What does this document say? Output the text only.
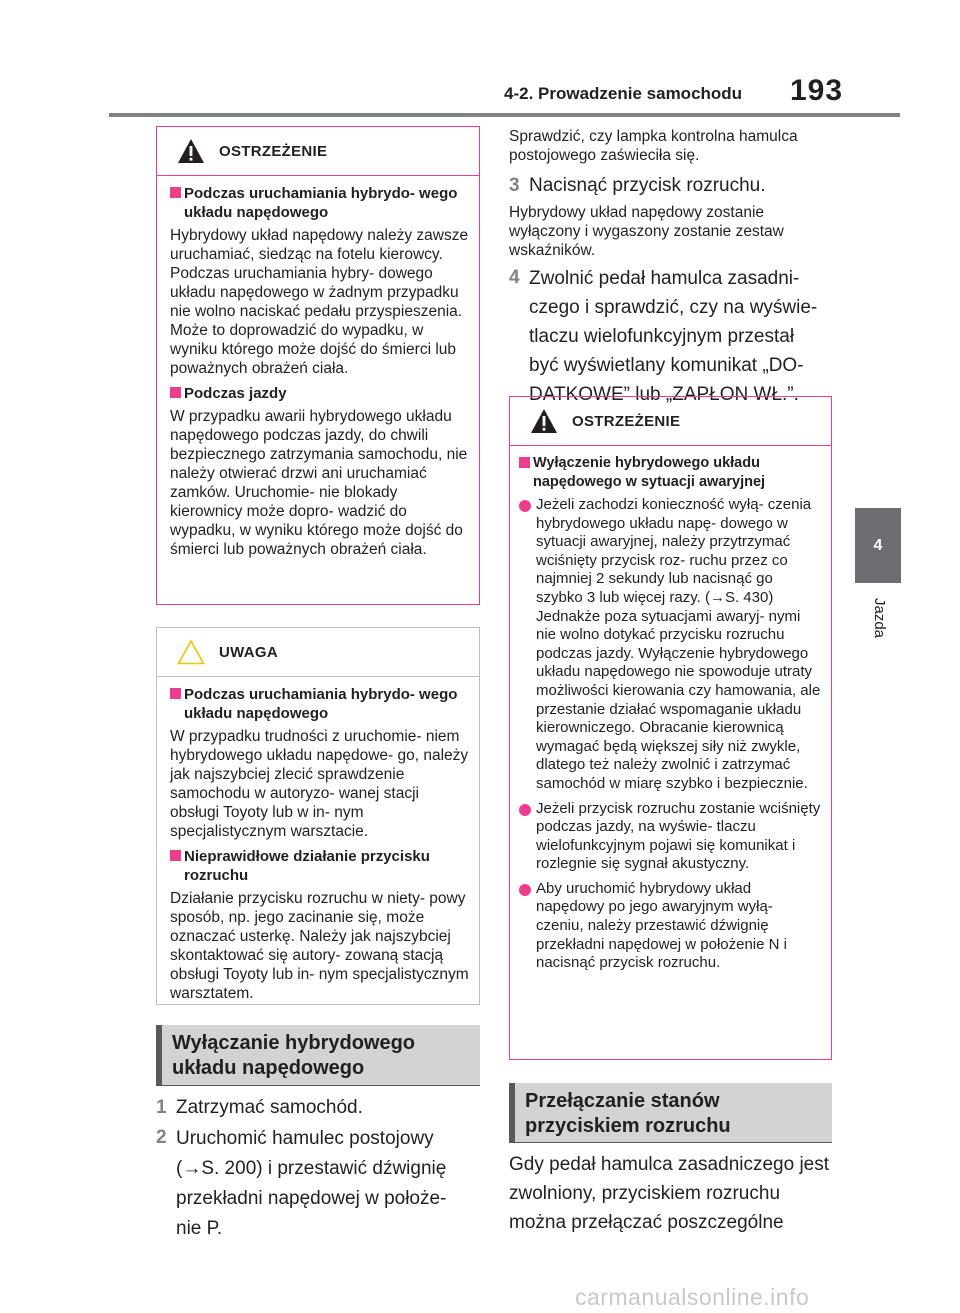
4-2. Prowadzenie samochodu 193
4
Jazda
OSTRZEŻENIE
Podczas uruchamiania hybrydo- wego układu napędowego
Hybrydowy układ napędowy należy zawsze uruchamiać, siedząc na fotelu kierowcy. Podczas uruchamiania hybry- dowego układu napędowego w żadnym przypadku nie wolno naciskać pedału przyspieszenia.
Może to doprowadzić do wypadku, w wyniku którego może dojść do śmierci lub poważnych obrażeń ciała.
Podczas jazdy
W przypadku awarii hybrydowego układu napędowego podczas jazdy, do chwili bezpiecznego zatrzymania samochodu, nie należy otwierać drzwi ani uruchamiać zamków. Uruchomie- nie blokady kierownicy może dopro- wadzić do wypadku, w wyniku którego może dojść do śmierci lub poważnych obrażeń ciała.
UWAGA
Podczas uruchamiania hybrydo- wego układu napędowego
W przypadku trudności z uruchomie- niem hybrydowego układu napędowe- go, należy jak najszybciej zlecić sprawdzenie samochodu w autoryzo- wanej stacji obsługi Toyoty lub w in- nym specjalistycznym warsztacie.
Nieprawidłowe działanie przycisku rozruchu
Działanie przycisku rozruchu w niety- powy sposób, np. jego zacinanie się, może oznaczać usterkę. Należy jak najszybciej skontaktować się autory- zowaną stacją obsługi Toyoty lub in- nym specjalistycznym warsztatem.
Wyłączanie hybrydowego układu napędowego
1 Zatrzymać samochód.
2 Uruchomić hamulec postojowy (→S. 200) i przestawić dźwignię przekładni napędowej w położe- nie P.
Sprawdzić, czy lampka kontrolna hamulca postojowego zaświeciła się.
3 Nacisnąć przycisk rozruchu.
Hybrydowy układ napędowy zostanie wyłączony i wygaszony zostanie zestaw wskaźników.
4 Zwolnić pedał hamulca zasadni- czego i sprawdzić, czy na wyświe- tlaczu wielofunkcyjnym przestał być wyświetlany komunikat „DO- DATKOWE” lub „ZAPŁON WŁ.”.
OSTRZEŻENIE
Wyłączenie hybrydowego układu napędowego w sytuacji awaryjnej
Jeżeli zachodzi konieczność wyłą- czenia hybrydowego układu napę- dowego w sytuacji awaryjnej, należy przytrzymać wciśnięty przycisk roz- ruchu przez co najmniej 2 sekundy lub nacisnąć go szybko 3 lub więcej razy. (→S. 430)
Jednakże poza sytuacjami awaryj- nymi nie wolno dotykać przycisku rozruchu podczas jazdy. Wyłączenie hybrydowego układu napędowego nie spowoduje utraty możliwości kierowania czy hamowania, ale przestanie działać wspomaganie układu kierowniczego. Obracanie kierownicą wymagać będą większej siły niż zwykle, dlatego też należy zwolnić i zatrzymać samochód w miarę szybko i bezpiecznie.
Jeżeli przycisk rozruchu zostanie wciśnięty podczas jazdy, na wyświe- tlaczu wielofunkcyjnym pojawi się komunikat i rozlegnie się sygnał akustyczny.
Aby uruchomić hybrydowy układ napędowy po jego awaryjnym wyłą- czeniu, należy przestawić dźwignię przekładni napędowej w położenie N i nacisnąć przycisk rozruchu.
Przełączanie stanów przyciskiem rozruchu
Gdy pedał hamulca zasadniczego jest zwolniony, przyciskiem rozruchu można przełączać poszczególne
carmanualsonline.info
